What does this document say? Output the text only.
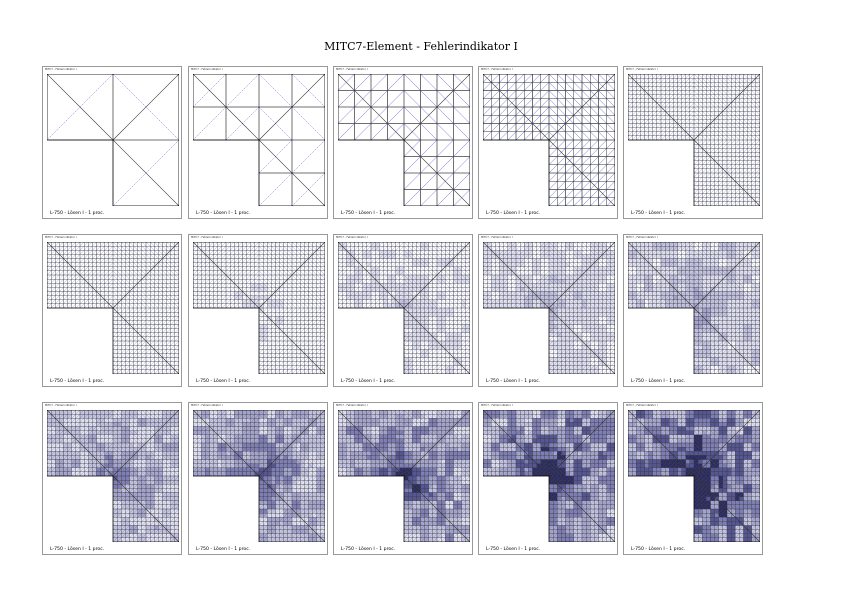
MITC7-Element - Fehlerindikator I
MITC7 - Fehlerindikator I
L-750 - Lösen I - 1 proc.
MITC7 - Fehlerindikator I
L-750 - Lösen I - 1 proc.
MITC7 - Fehlerindikator I
L-750 - Lösen I - 1 proc.
MITC7 - Fehlerindikator I
L-750 - Lösen I - 1 proc.
MITC7 - Fehlerindikator I
L-750 - Lösen I - 1 proc.
MITC7 - Fehlerindikator I
L-750 - Lösen I - 1 proc.
MITC7 - Fehlerindikator I
L-750 - Lösen I - 1 proc.
MITC7 - Fehlerindikator I
L-750 - Lösen I - 1 proc.
MITC7 - Fehlerindikator I
L-750 - Lösen I - 1 proc.
MITC7 - Fehlerindikator I
L-750 - Lösen I - 1 proc.
MITC7 - Fehlerindikator I
L-750 - Lösen I - 1 proc.
MITC7 - Fehlerindikator I
L-750 - Lösen I - 1 proc.
MITC7 - Fehlerindikator I
L-750 - Lösen I - 1 proc.
MITC7 - Fehlerindikator I
L-750 - Lösen I - 1 proc.
MITC7 - Fehlerindikator I
L-750 - Lösen I - 1 proc.
